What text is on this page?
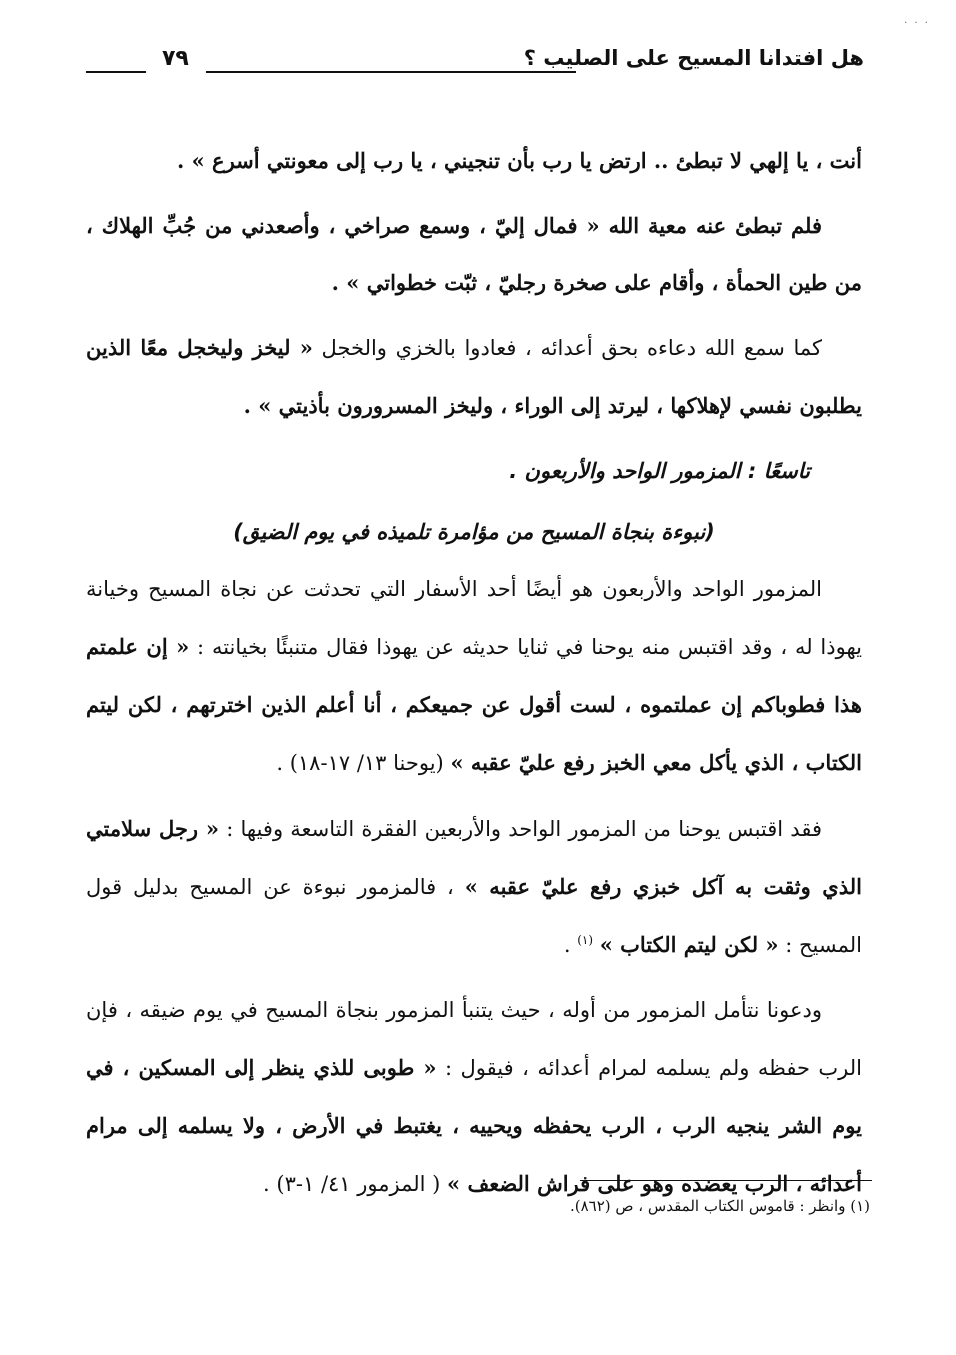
· · ·
هل افتدانا المسيح على الصليب ؟
٧٩

أنت ، يا إلهي لا تبطئ .. ارتض يا رب بأن تنجيني ، يا رب إلى معونتي أسرع » .

فلم تبطئ عنه معية الله « فمال إليّ ، وسمع صراخي ، وأصعدني من جُبِّ الهلاك ، من طين الحمأة ، وأقام على صخرة رجليّ ، ثبّت خطواتي » .

كما سمع الله دعاءه بحق أعدائه ، فعادوا بالخزي والخجل « ليخز وليخجل معًا الذين يطلبون نفسي لإهلاكها ، ليرتد إلى الوراء ، وليخز المسرورون بأذيتي » .

تاسعًا : المزمور الواحد والأربعون .

(نبوءة بنجاة المسيح من مؤامرة تلميذه في يوم الضيق)

المزمور الواحد والأربعون هو أيضًا أحد الأسفار التي تحدثت عن نجاة المسيح وخيانة يهوذا له ، وقد اقتبس منه يوحنا في ثنايا حديثه عن يهوذا فقال متنبئًا بخيانته : « إن علمتم هذا فطوباكم إن عملتموه ، لست أقول عن جميعكم ، أنا أعلم الذين اخترتهم ، لكن ليتم الكتاب ، الذي يأكل معي الخبز رفع عليّ عقبه » (يوحنا ١٣/ ١٧-١٨) .

فقد اقتبس يوحنا من المزمور الواحد والأربعين الفقرة التاسعة وفيها : « رجل سلامتي الذي وثقت به آكل خبزي رفع عليّ عقبه » ، فالمزمور نبوءة عن المسيح بدليل قول المسيح : « لكن ليتم الكتاب » $^{(١)}$ .

ودعونا نتأمل المزمور من أوله ، حيث يتنبأ المزمور بنجاة المسيح في يوم ضيقه ، فإن الرب حفظه ولم يسلمه لمرام أعدائه ، فيقول : « طوبى للذي ينظر إلى المسكين ، في يوم الشر ينجيه الرب ، الرب يحفظه ويحييه ، يغتبط في الأرض ، ولا يسلمه إلى مرام أعدائه ، الرب يعضده وهو على فراش الضعف » ( المزمور ٤١/ ١-٣) .

(١) وانظر : قاموس الكتاب المقدس ، ص (٨٦٢).
